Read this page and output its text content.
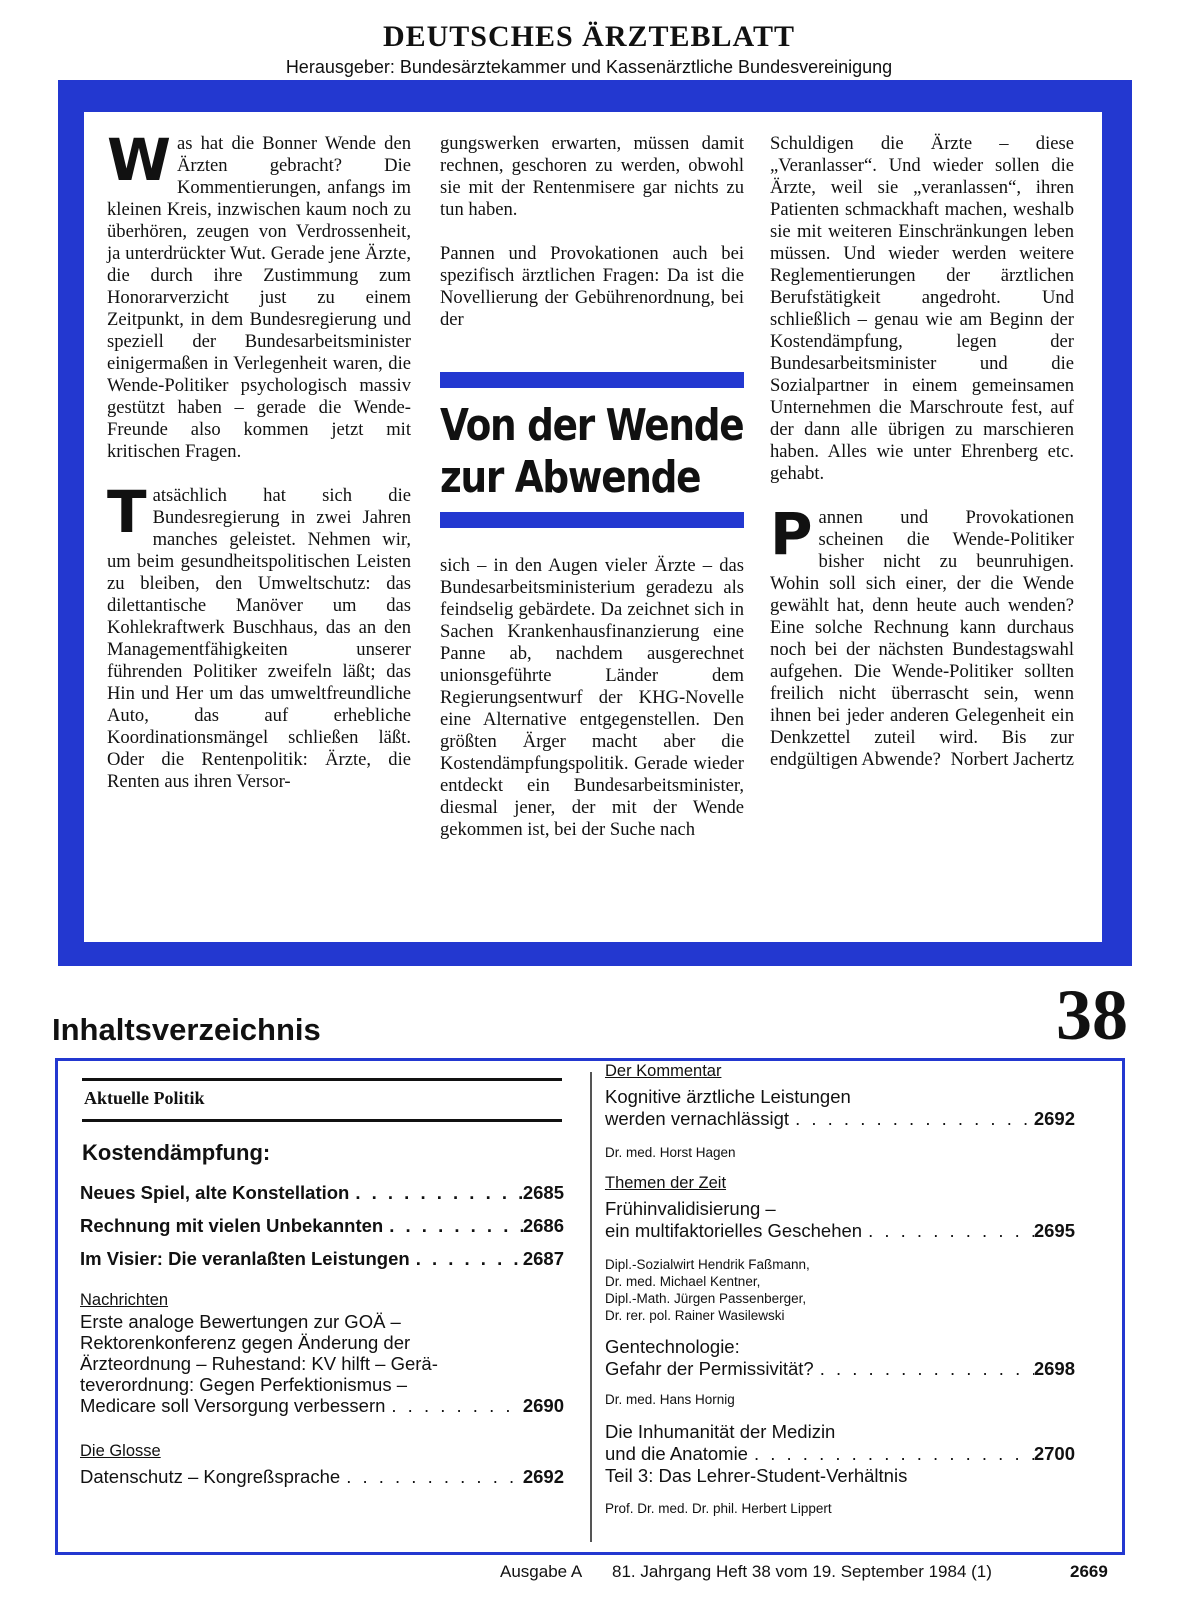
DEUTSCHES ÄRZTEBLATT
Herausgeber: Bundesärztekammer und Kassenärztliche Bundesvereinigung

Was hat die Bonner Wende den Ärzten gebracht? Die Kommentierungen, anfangs im kleinen Kreis, inzwischen kaum noch zu überhören, zeugen von Verdrossenheit, ja unterdrückter Wut. Gerade jene Ärzte, die durch ihre Zustimmung zum Honorarverzicht just zu einem Zeitpunkt, in dem Bundesregierung und speziell der Bundesarbeitsminister einigermaßen in Verlegenheit waren, die Wende-Politiker psychologisch massiv gestützt haben – gerade die Wende-Freunde also kommen jetzt mit kritischen Fragen.

Tatsächlich hat sich die Bundesregierung in zwei Jahren manches geleistet. Nehmen wir, um beim gesundheitspolitischen Leisten zu bleiben, den Umweltschutz: das dilettantische Manöver um das Kohlekraftwerk Buschhaus, das an den Managementfähigkeiten unserer führenden Politiker zweifeln läßt; das Hin und Her um das umweltfreundliche Auto, das auf erhebliche Koordinationsmängel schließen läßt. Oder die Rentenpolitik: Ärzte, die Renten aus ihren Versor-

gungswerken erwarten, müssen damit rechnen, geschoren zu werden, obwohl sie mit der Rentenmisere gar nichts zu tun haben.

Pannen und Provokationen auch bei spezifisch ärztlichen Fragen: Da ist die Novellierung der Gebührenordnung, bei der

Von der Wende
zur Abwende

sich – in den Augen vieler Ärzte – das Bundesarbeitsministerium geradezu als feindselig gebärdete. Da zeichnet sich in Sachen Krankenhausfinanzierung eine Panne ab, nachdem ausgerechnet unionsgeführte Länder dem Regierungsentwurf der KHG-Novelle eine Alternative entgegenstellen. Den größten Ärger macht aber die Kostendämpfungspolitik. Gerade wieder entdeckt ein Bundesarbeitsminister, diesmal jener, der mit der Wende gekommen ist, bei der Suche nach

Schuldigen die Ärzte – diese „Veranlasser“. Und wieder sollen die Ärzte, weil sie „veranlassen“, ihren Patienten schmackhaft machen, weshalb sie mit weiteren Einschränkungen leben müssen. Und wieder werden weitere Reglementierungen der ärztlichen Berufstätigkeit angedroht. Und schließlich – genau wie am Beginn der Kostendämpfung, legen der Bundesarbeitsminister und die Sozialpartner in einem gemeinsamen Unternehmen die Marschroute fest, auf der dann alle übrigen zu marschieren haben. Alles wie unter Ehrenberg etc. gehabt.

Pannen und Provokationen scheinen die Wende-Politiker bisher nicht zu beunruhigen. Wohin soll sich einer, der die Wende gewählt hat, denn heute auch wenden? Eine solche Rechnung kann durchaus noch bei der nächsten Bundestagswahl aufgehen. Die Wende-Politiker sollten freilich nicht überrascht sein, wenn ihnen bei jeder anderen Gelegenheit ein Denkzettel zuteil wird. Bis zur endgültigen Abwende? Norbert Jachertz

Inhaltsverzeichnis	38
Aktuelle Politik
Kostendämpfung:
Neues Spiel, alte Konstellation . . .	2685
Rechnung mit vielen Unbekannten . . .	2686
Im Visier: Die veranlaßten Leistungen . . .	2687
Nachrichten
Erste analoge Bewertungen zur GOÄ –
Rektorenkonferenz gegen Änderung der
Ärzteordnung – Ruhestand: KV hilft – Gerä-
teverordnung: Gegen Perfektionismus –
Medicare soll Versorgung verbessern . . .	2690
Die Glosse
Datenschutz – Kongreßsprache . . .	2692
Der Kommentar
Kognitive ärztliche Leistungen
werden vernachlässigt . . .	2692
Dr. med. Horst Hagen
Themen der Zeit
Frühinvalidisierung –
ein multifaktorielles Geschehen . . .	2695
Dipl.-Sozialwirt Hendrik Faßmann,
Dr. med. Michael Kentner,
Dipl.-Math. Jürgen Passenberger,
Dr. rer. pol. Rainer Wasilewski
Gentechnologie:
Gefahr der Permissivität? . . .	2698
Dr. med. Hans Hornig
Die Inhumanität der Medizin
und die Anatomie . . .	2700
Teil 3: Das Lehrer-Student-Verhältnis
Prof. Dr. med. Dr. phil. Herbert Lippert
Ausgabe A 81. Jahrgang Heft 38 vom 19. September 1984 (1)	2669
